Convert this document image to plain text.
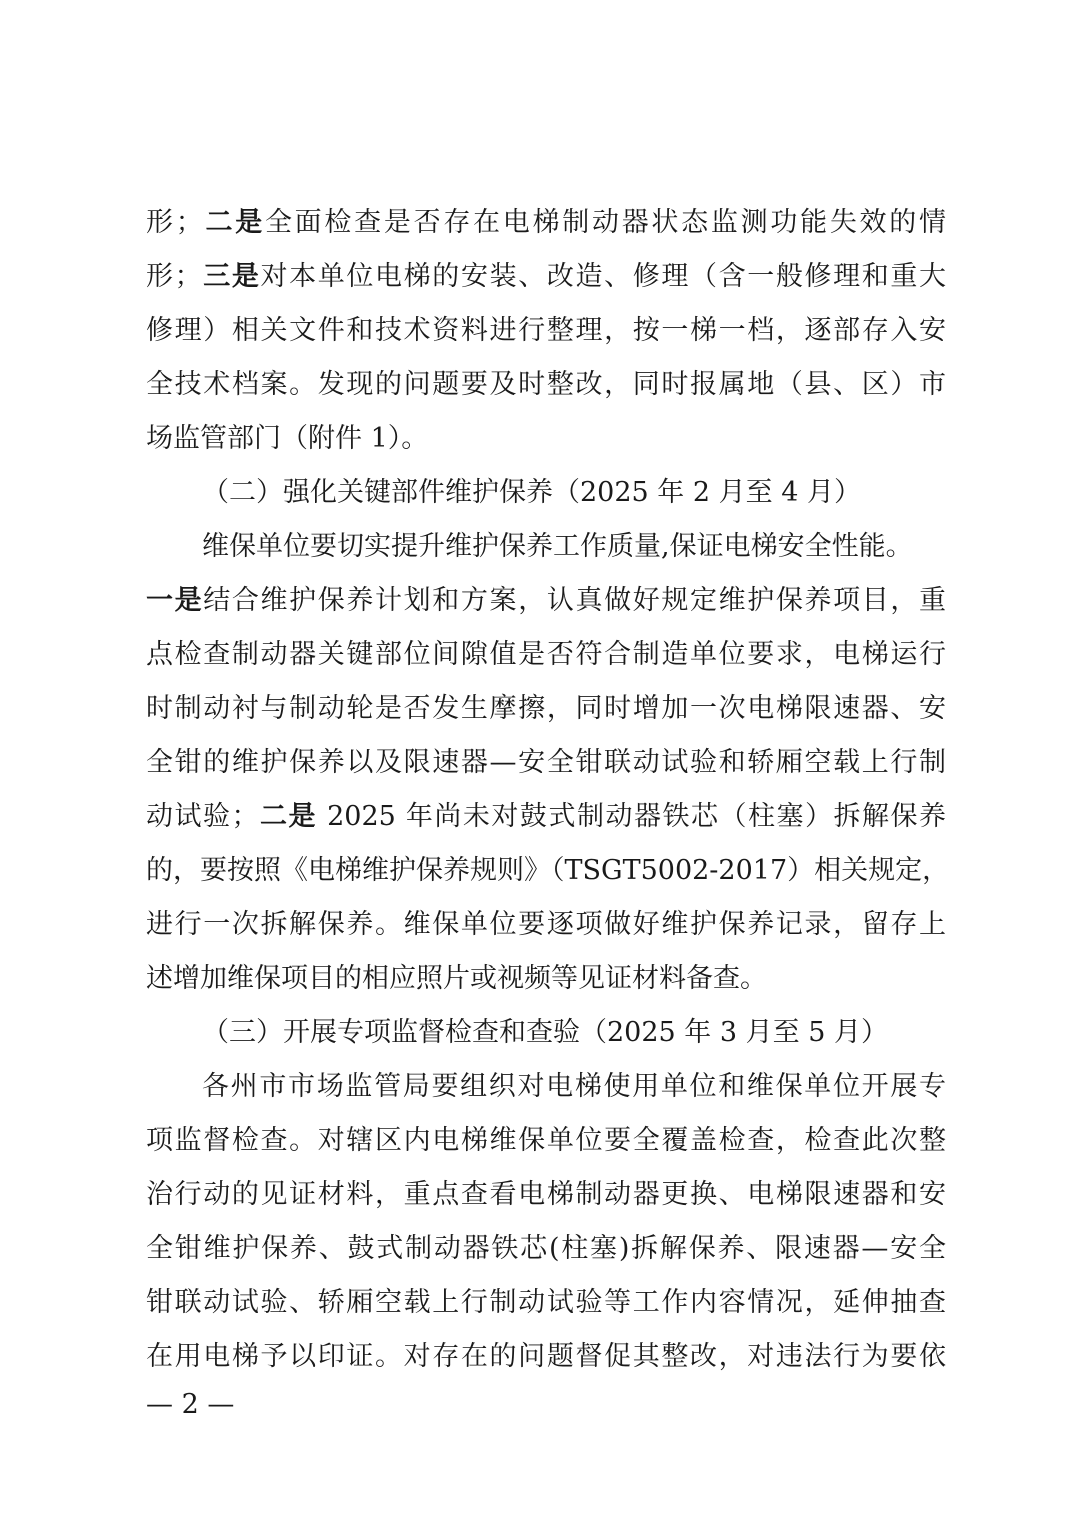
形；二是全面检查是否存在电梯制动器状态监测功能失效的情
形；三是对本单位电梯的安装、改造、修理（含一般修理和重大
修理）相关文件和技术资料进行整理，按一梯一档，逐部存入安
全技术档案。发现的问题要及时整改，同时报属地（县、区）市
场监管部门（附件 1）。
（二）强化关键部件维护保养（2025 年 2 月至 4 月）
维保单位要切实提升维护保养工作质量,保证电梯安全性能。
一是结合维护保养计划和方案，认真做好规定维护保养项目，重
点检查制动器关键部位间隙值是否符合制造单位要求，电梯运行
时制动衬与制动轮是否发生摩擦，同时增加一次电梯限速器、安
全钳的维护保养以及限速器—安全钳联动试验和轿厢空载上行制
动试验；二是 2025 年尚未对鼓式制动器铁芯（柱塞）拆解保养
的，要按照《电梯维护保养规则》（TSGT5002-2017）相关规定，
进行一次拆解保养。维保单位要逐项做好维护保养记录，留存上
述增加维保项目的相应照片或视频等见证材料备查。
（三）开展专项监督检查和查验（2025 年 3 月至 5 月）
各州市市场监管局要组织对电梯使用单位和维保单位开展专
项监督检查。对辖区内电梯维保单位要全覆盖检查，检查此次整
治行动的见证材料，重点查看电梯制动器更换、电梯限速器和安
全钳维护保养、鼓式制动器铁芯(柱塞)拆解保养、限速器—安全
钳联动试验、轿厢空载上行制动试验等工作内容情况，延伸抽查
在用电梯予以印证。对存在的问题督促其整改，对违法行为要依
— 2 —
